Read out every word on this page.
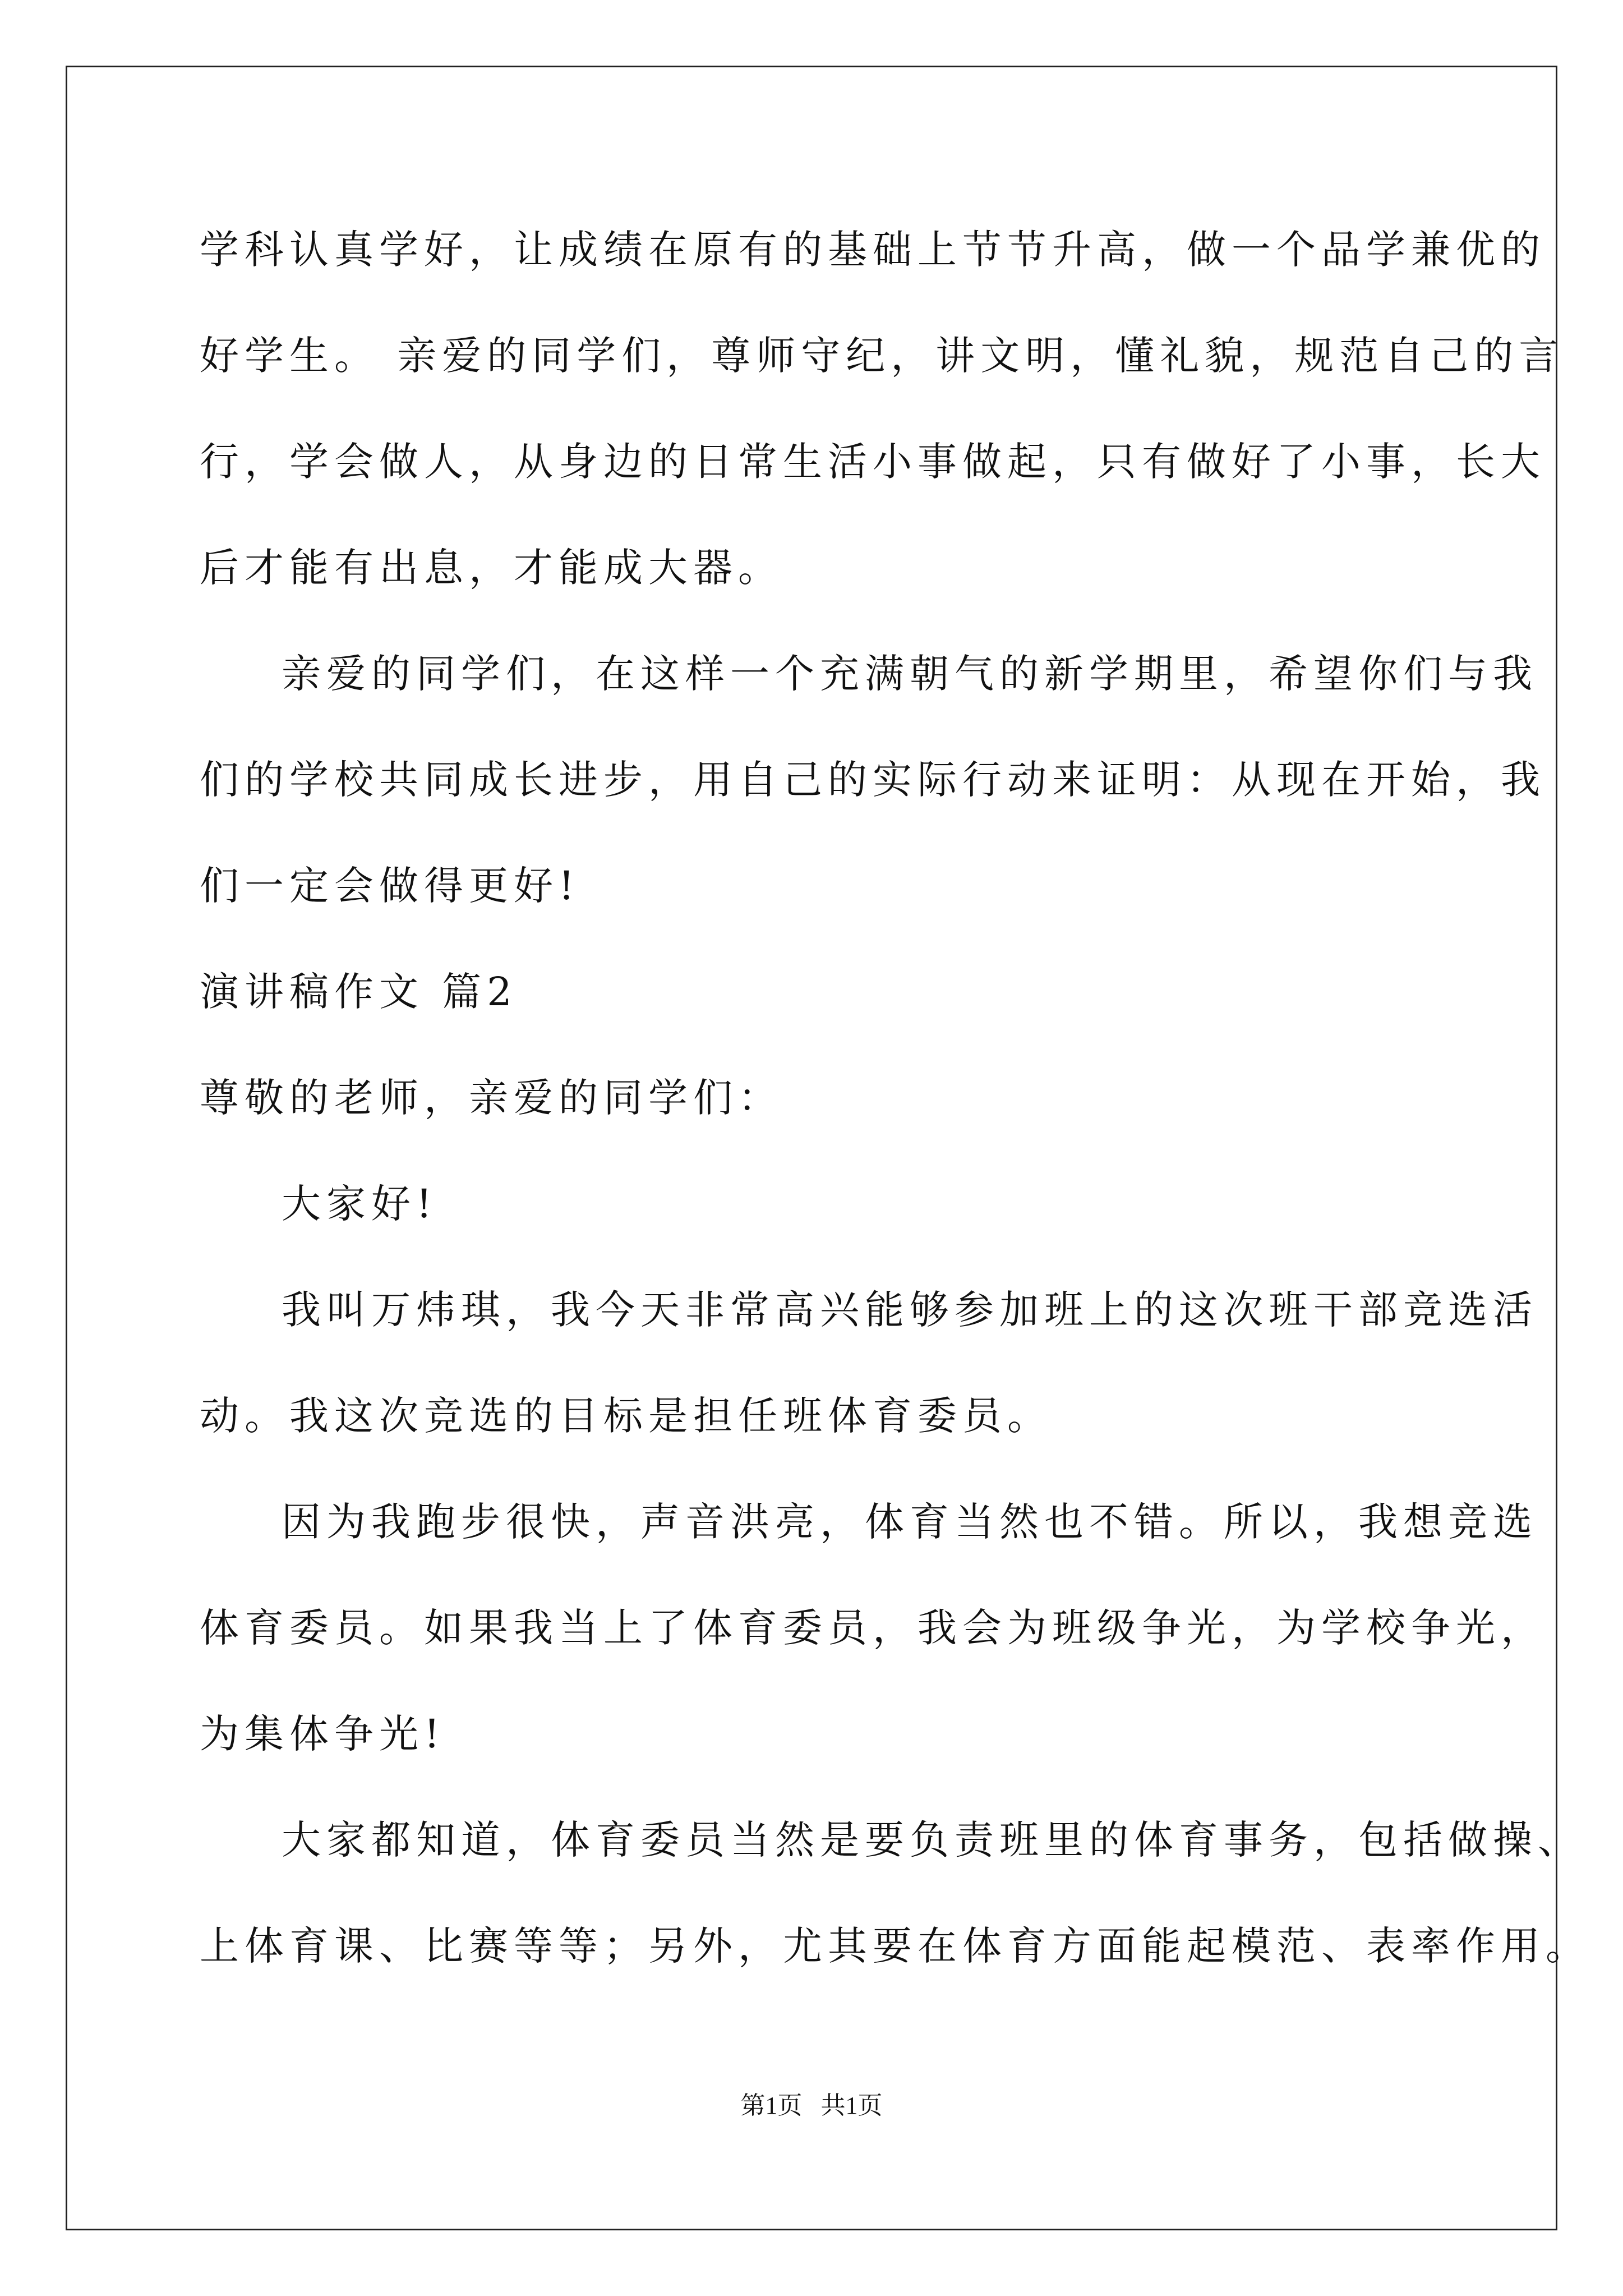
学科认真学好，让成绩在原有的基础上节节升高，做一个品学兼优的
好学生。 亲爱的同学们，尊师守纪，讲文明，懂礼貌，规范自己的言
行，学会做人，从身边的日常生活小事做起，只有做好了小事，长大
后才能有出息，才能成大器。
亲爱的同学们，在这样一个充满朝气的新学期里，希望你们与我
们的学校共同成长进步，用自己的实际行动来证明：从现在开始，我
们一定会做得更好!
演讲稿作文 篇2
尊敬的老师，亲爱的同学们：
大家好!
我叫万炜琪，我今天非常高兴能够参加班上的这次班干部竞选活
动。我这次竞选的目标是担任班体育委员。
因为我跑步很快，声音洪亮，体育当然也不错。所以，我想竞选
体育委员。如果我当上了体育委员，我会为班级争光，为学校争光，
为集体争光!
大家都知道，体育委员当然是要负责班里的体育事务，包括做操、
上体育课、比赛等等；另外，尤其要在体育方面能起模范、表率作用。
第1页   共1页
